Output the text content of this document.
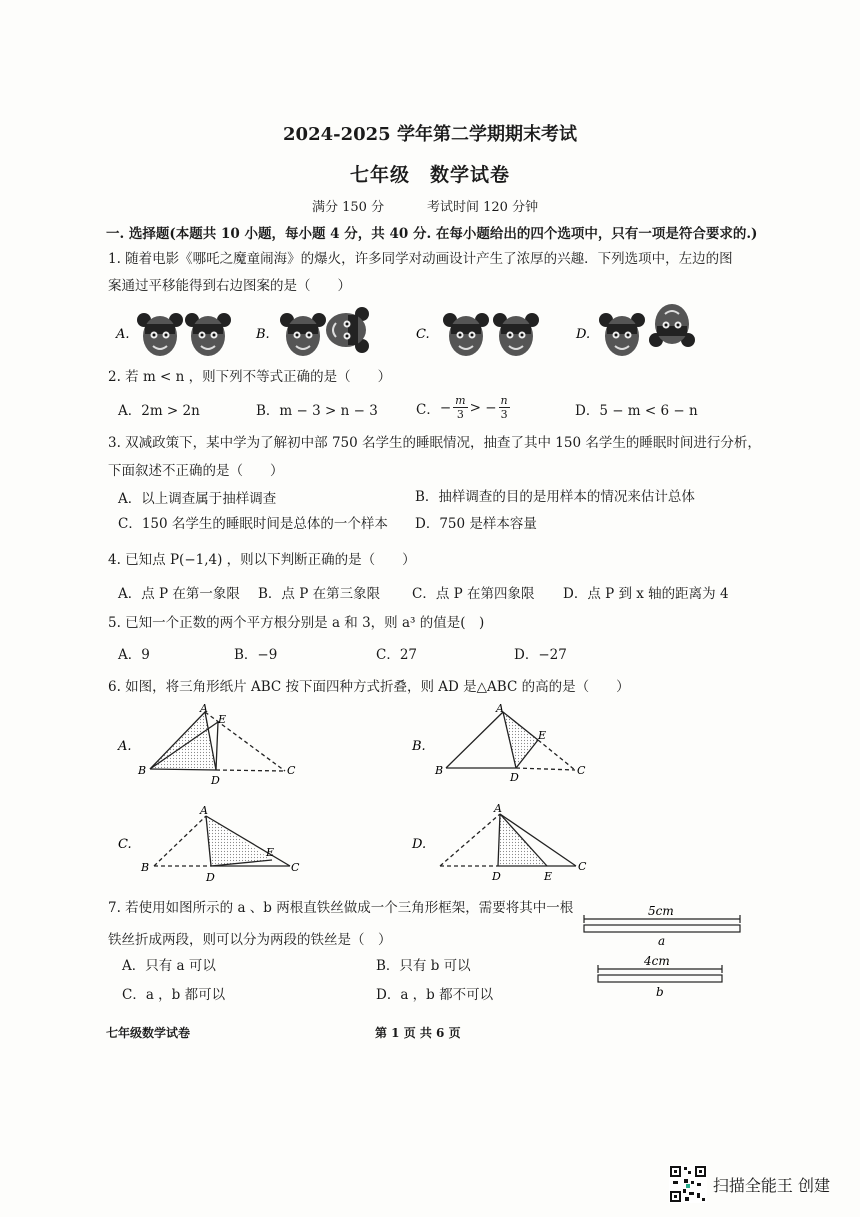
2024-2025 学年第二学期期末考试
七年级　数学试卷
满分 150 分	考试时间 120 分钟
一. 选择题(本题共 10 小题，每小题 4 分，共 40 分. 在每小题给出的四个选项中，只有一项是符合要求的.)
1. 随着电影《哪吒之魔童闹海》的爆火，许多同学对动画设计产生了浓厚的兴趣．下列选项中，左边的图
案通过平移能得到右边图案的是（　　）
A.	B.	C.	D.
2. 若 m < n ，则下列不等式正确的是（　　）
A．2m > 2n	B．m − 3 > n − 3	C． − $\frac{m}{3}$ > − $\frac{n}{3}$	D．5 − m < 6 − n
3. 双减政策下，某中学为了解初中部 750 名学生的睡眠情况，抽查了其中 150 名学生的睡眠时间进行分析，
下面叙述不正确的是（　　）
A．以上调查属于抽样调查	B．抽样调查的目的是用样本的情况来估计总体
C．150 名学生的睡眠时间是总体的一个样本 D．750 是样本容量
4. 已知点 P(−1,4) ，则以下判断正确的是（　　）
A．点 P 在第一象限 B．点 P 在第三象限 C．点 P 在第四象限 D．点 P 到 x 轴的距离为 4
5. 已知一个正数的两个平方根分别是 a 和 3，则 a³ 的值是(　)
A．9	B．−9	C．27	D．−27
6. 如图，将三角形纸片 ABC 按下面四种方式折叠，则 AD 是△ABC 的高的是（　　）
A.
A
E
B
D
C
B.
A
E
B
D
C
C.
A
E
B
D
C
D.
A
D	E
C
7. 若使用如图所示的 a 、b 两根直铁丝做成一个三角形框架，需要将其中一根
铁丝折成两段，则可以分为两段的铁丝是（　）
A．只有 a 可以	B．只有 b 可以
C．a ，b 都可以	D．a ，b 都不可以
5cm
a
4cm
b
七年级数学试卷	第 1 页 共 6 页
扫描全能王 创建
